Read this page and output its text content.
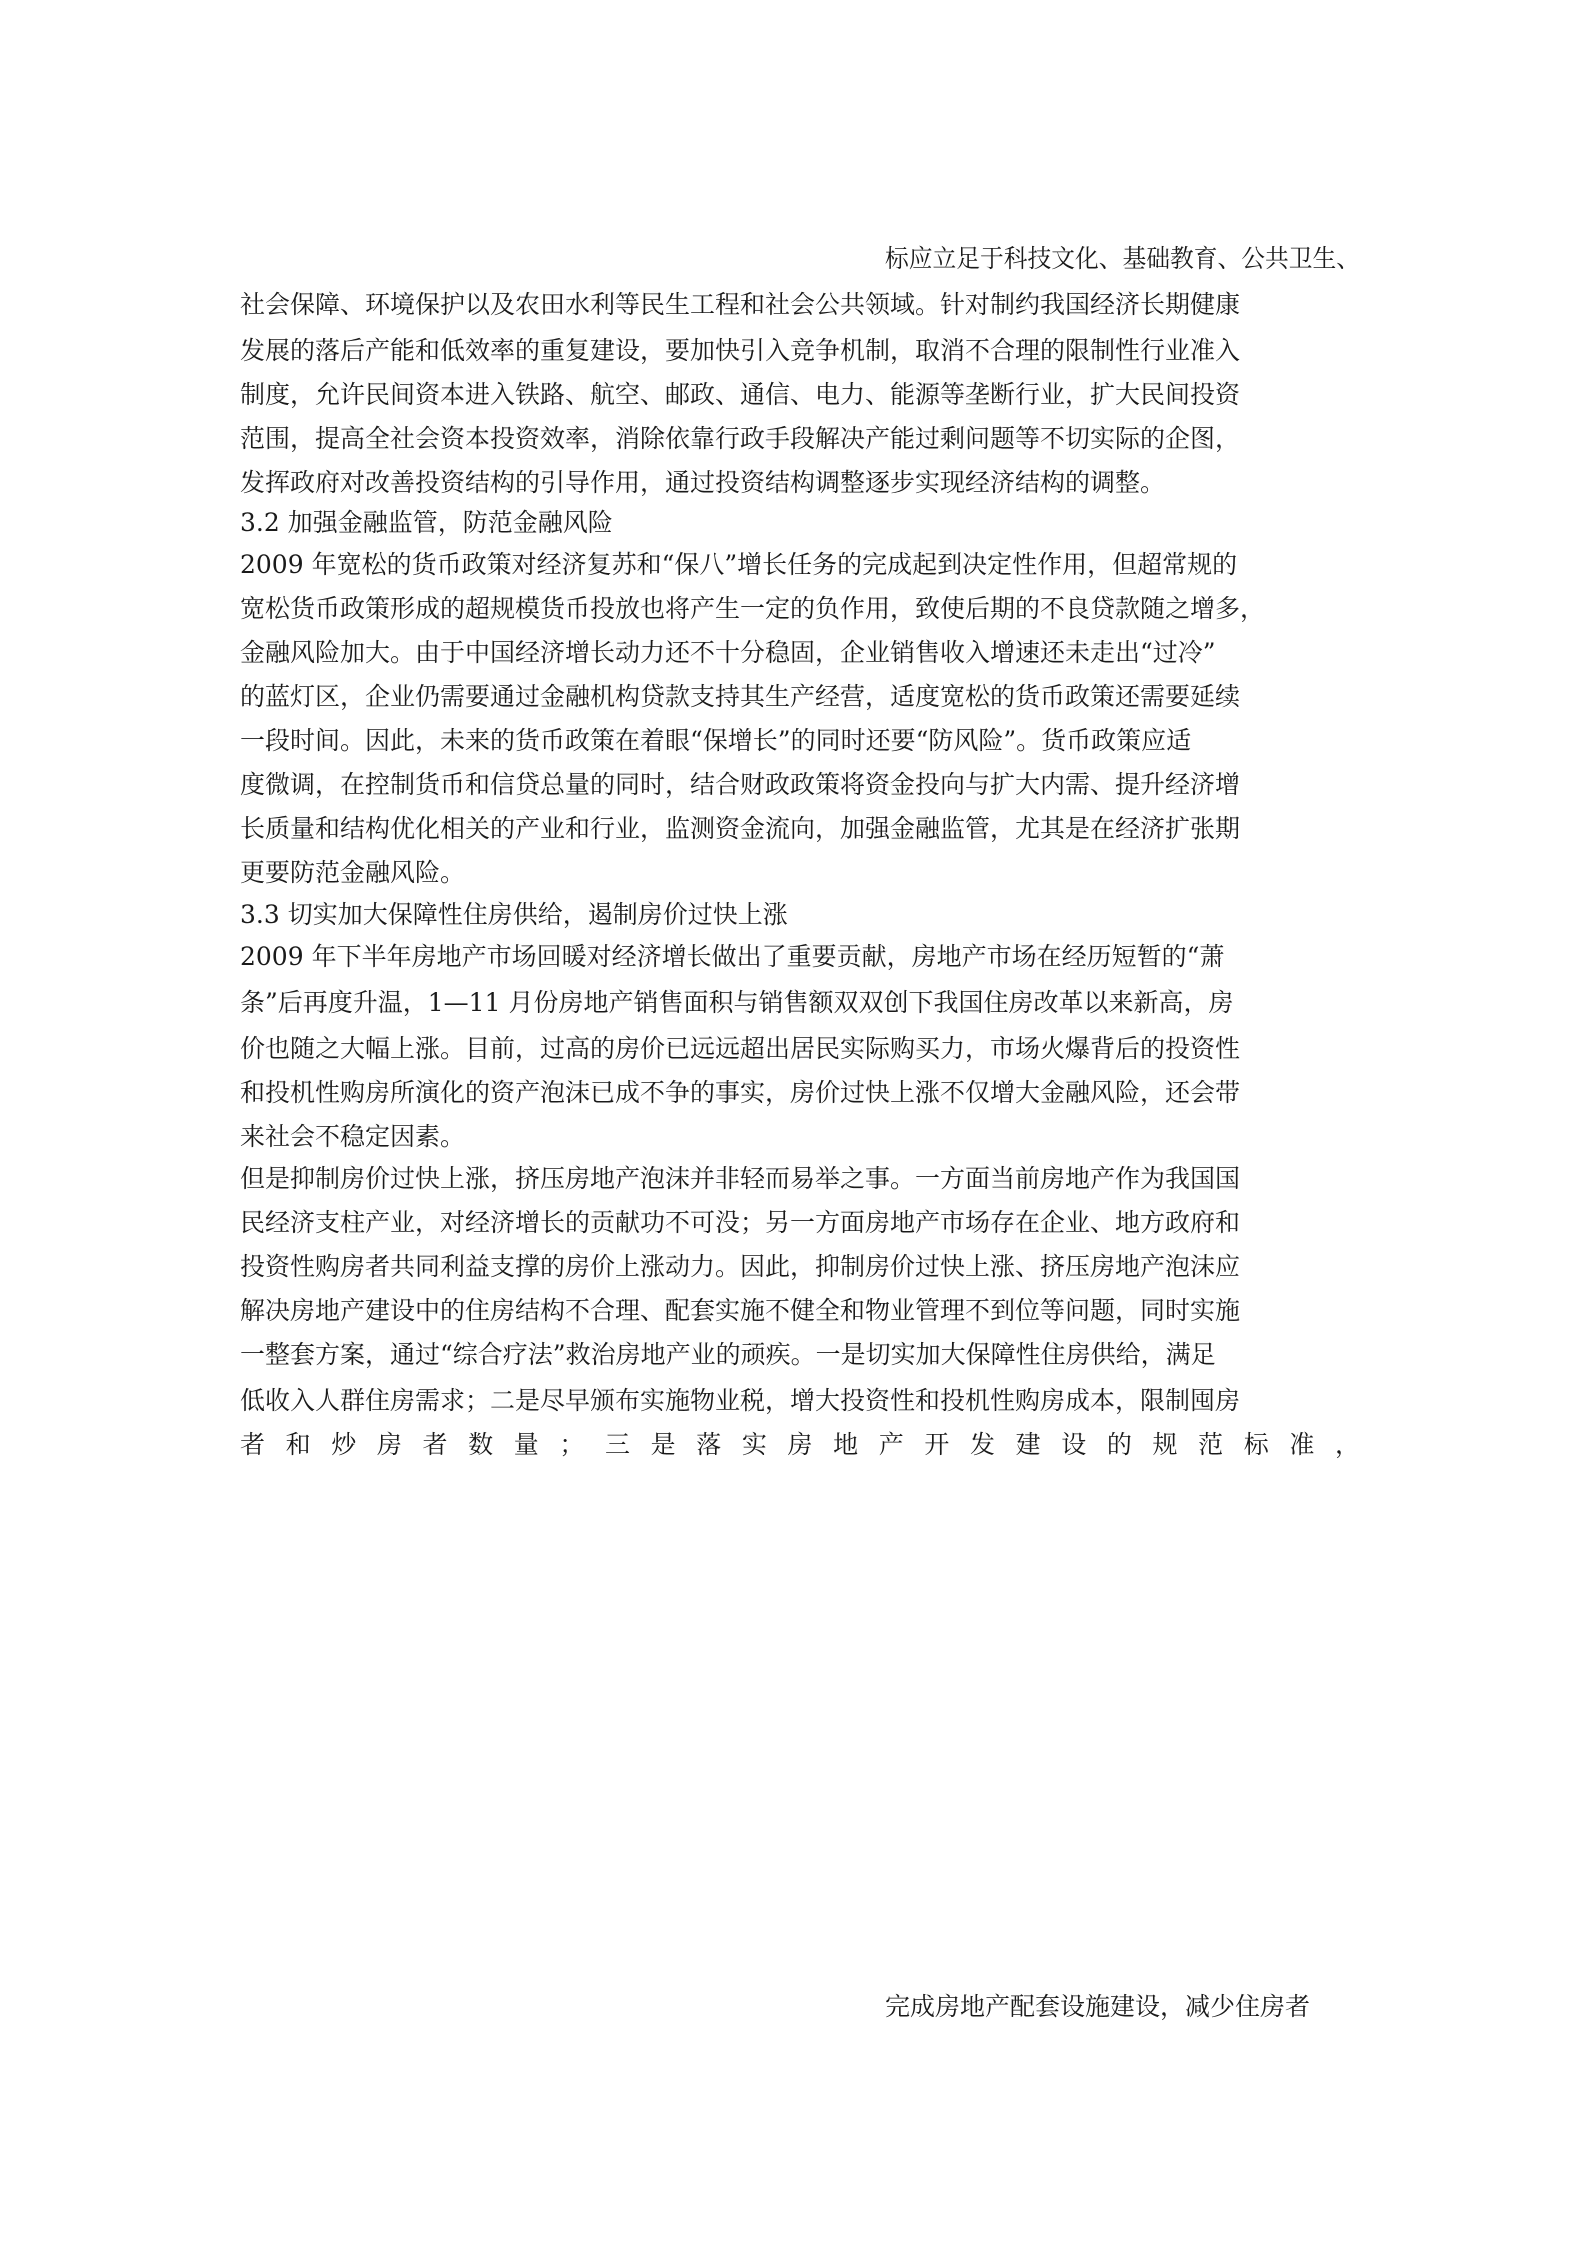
标应立足于科技文化、基础教育、公共卫生、
社会保障、环境保护以及农田水利等民生工程和社会公共领域。针对制约我国经济长期健康
发展的落后产能和低效率的重复建设，要加快引入竞争机制，取消不合理的限制性行业准入
制度，允许民间资本进入铁路、航空、邮政、通信、电力、能源等垄断行业，扩大民间投资
范围，提高全社会资本投资效率，消除依靠行政手段解决产能过剩问题等不切实际的企图，
发挥政府对改善投资结构的引导作用，通过投资结构调整逐步实现经济结构的调整。
3.2 加强金融监管，防范金融风险
2009 年宽松的货币政策对经济复苏和“保八”增长任务的完成起到决定性作用，但超常规的
宽松货币政策形成的超规模货币投放也将产生一定的负作用，致使后期的不良贷款随之增多，
金融风险加大。由于中国经济增长动力还不十分稳固，企业销售收入增速还未走出“过冷”
的蓝灯区，企业仍需要通过金融机构贷款支持其生产经营，适度宽松的货币政策还需要延续
一段时间。因此，未来的货币政策在着眼“保增长”的同时还要“防风险”。货币政策应适
度微调，在控制货币和信贷总量的同时，结合财政政策将资金投向与扩大内需、提升经济增
长质量和结构优化相关的产业和行业，监测资金流向，加强金融监管，尤其是在经济扩张期
更要防范金融风险。
3.3 切实加大保障性住房供给，遏制房价过快上涨
2009 年下半年房地产市场回暖对经济增长做出了重要贡献，房地产市场在经历短暂的“萧
条”后再度升温，1—11 月份房地产销售面积与销售额双双创下我国住房改革以来新高，房
价也随之大幅上涨。目前，过高的房价已远远超出居民实际购买力，市场火爆背后的投资性
和投机性购房所演化的资产泡沫已成不争的事实，房价过快上涨不仅增大金融风险，还会带
来社会不稳定因素。
但是抑制房价过快上涨，挤压房地产泡沫并非轻而易举之事。一方面当前房地产作为我国国
民经济支柱产业，对经济增长的贡献功不可没；另一方面房地产市场存在企业、地方政府和
投资性购房者共同利益支撑的房价上涨动力。因此，抑制房价过快上涨、挤压房地产泡沫应
解决房地产建设中的住房结构不合理、配套实施不健全和物业管理不到位等问题，同时实施
一整套方案，通过“综合疗法”救治房地产业的顽疾。一是切实加大保障性住房供给，满足
低收入人群住房需求；二是尽早颁布实施物业税，增大投资性和投机性购房成本，限制囤房
者和炒房者数量；三是落实房地产开发建设的规范标准，
完成房地产配套设施建设，减少住房者
